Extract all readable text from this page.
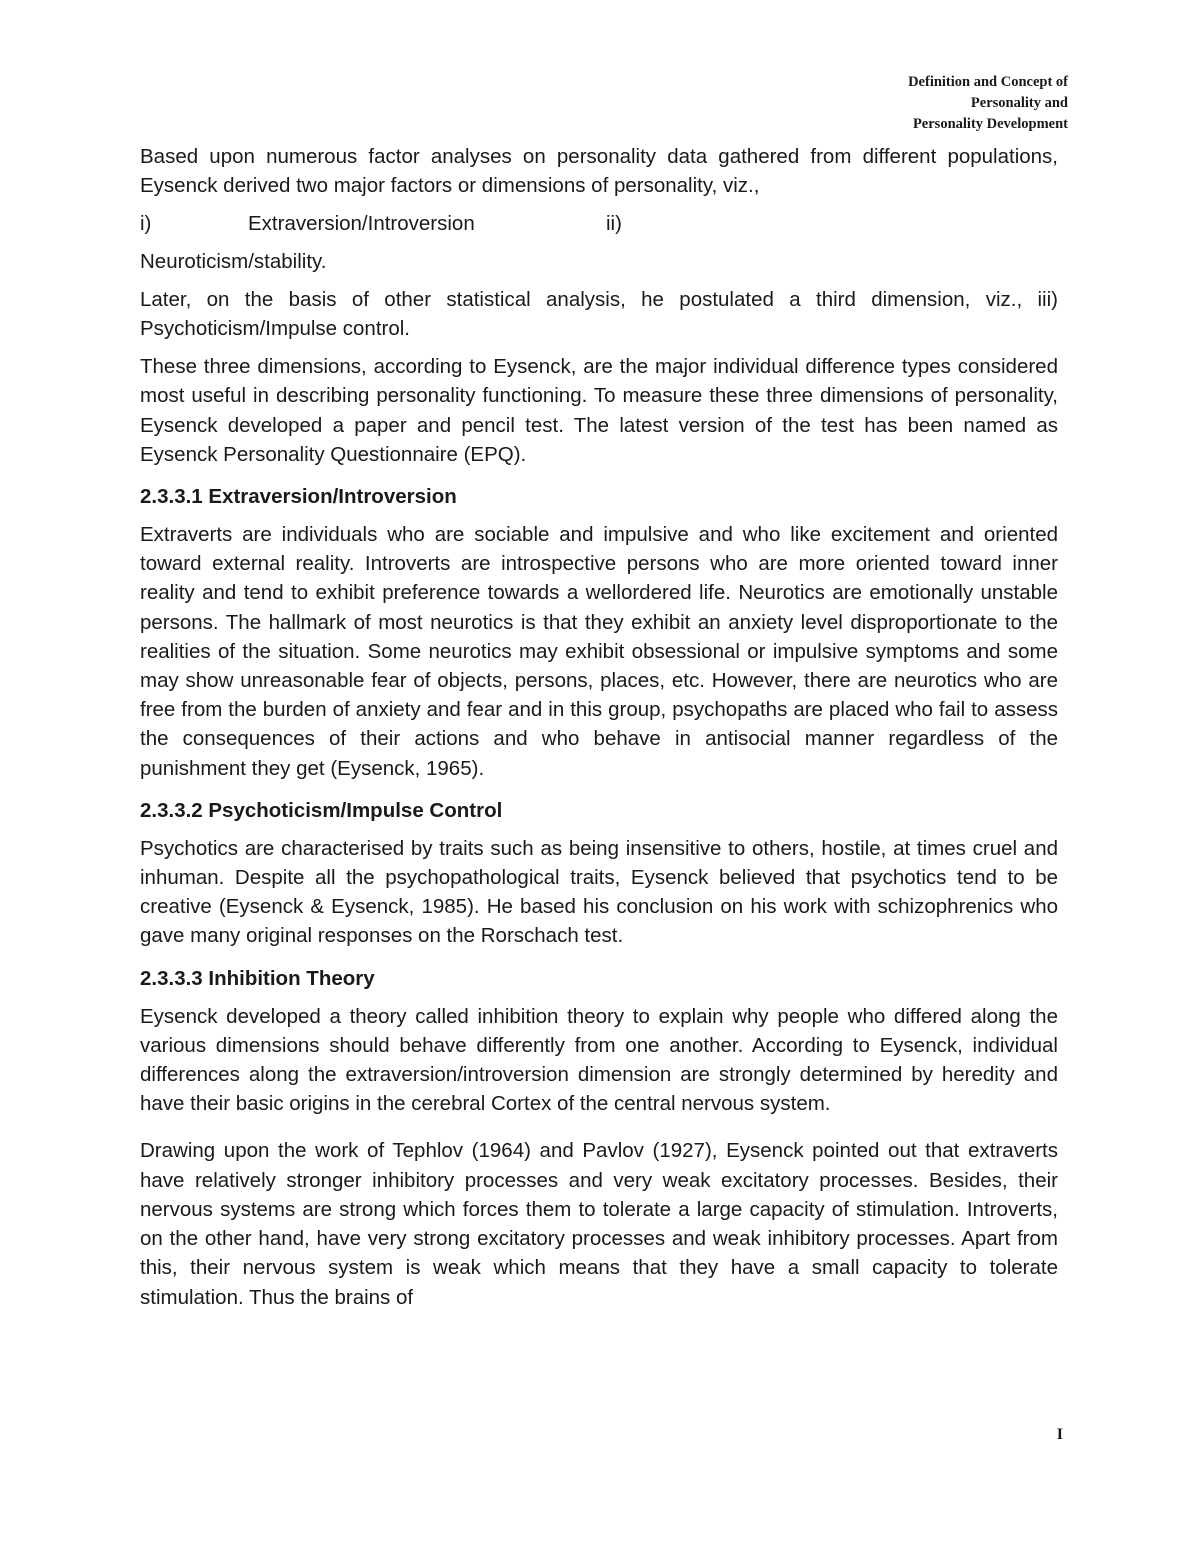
Definition and Concept of
Personality and
Personality Development

Based upon numerous factor analyses on personality data gathered from different populations, Eysenck derived two major factors or dimensions of personality, viz.,

i)	Extraversion/Introversion	ii)

Neuroticism/stability.

Later, on the basis of other statistical analysis, he postulated a third dimension, viz., iii) Psychoticism/Impulse control.

These three dimensions, according to Eysenck, are the major individual difference types considered most useful in describing personality functioning. To measure these three dimensions of personality, Eysenck developed a paper and pencil test. The latest version of the test has been named as Eysenck Personality Questionnaire (EPQ).

2.3.3.1 Extraversion/Introversion

Extraverts are individuals who are sociable and impulsive and who like excitement and oriented toward external reality. Introverts are introspective persons who are more oriented toward inner reality and tend to exhibit preference towards a wellordered life. Neurotics are emotionally unstable persons. The hallmark of most neurotics is that they exhibit an anxiety level disproportionate to the realities of the situation. Some neurotics may exhibit obsessional or impulsive symptoms and some may show unreasonable fear of objects, persons, places, etc. However, there are neurotics who are free from the burden of anxiety and fear and in this group, psychopaths are placed who fail to assess the consequences of their actions and who behave in antisocial manner regardless of the punishment they get (Eysenck, 1965).

2.3.3.2 Psychoticism/Impulse Control

Psychotics are characterised by traits such as being insensitive to others, hostile, at times cruel and inhuman. Despite all the psychopathological traits, Eysenck believed that psychotics tend to be creative (Eysenck & Eysenck, 1985). He based his conclusion on his work with schizophrenics who gave many original responses on the Rorschach test.

2.3.3.3 Inhibition Theory

Eysenck developed a theory called inhibition theory to explain why people who differed along the various dimensions should behave differently from one another. According to Eysenck, individual differences along the extraversion/introversion dimension are strongly determined by heredity and have their basic origins in the cerebral Cortex of the central nervous system.

Drawing upon the work of Tephlov (1964) and Pavlov (1927), Eysenck pointed out that extraverts have relatively stronger inhibitory processes and very weak excitatory processes. Besides, their nervous systems are strong which forces them to tolerate a large capacity of stimulation. Introverts, on the other hand, have very strong excitatory processes and weak inhibitory processes. Apart from this, their nervous system is weak which means that they have a small capacity to tolerate stimulation. Thus the brains of

I
